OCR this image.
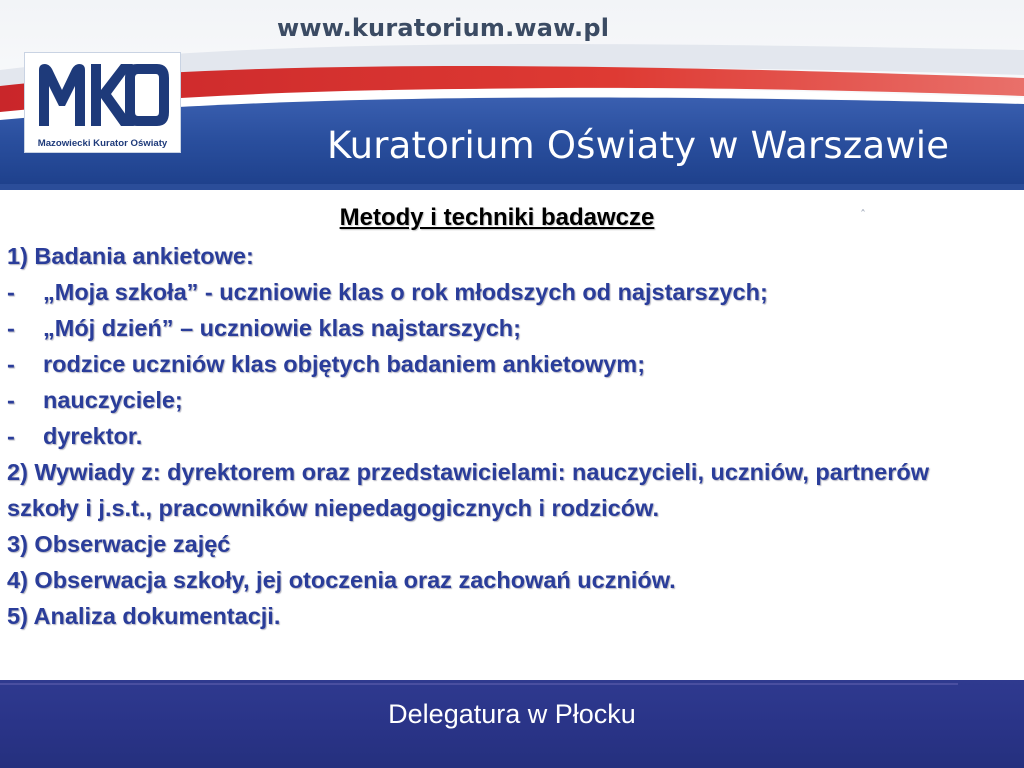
www.kuratorium.waw.pl
Kuratorium Oświaty w Warszawie
Mazowiecki Kurator Oświaty
ˆ
Metody i techniki badawcze
1) Badania ankietowe:
- „Moja szkoła” - uczniowie klas o rok młodszych od najstarszych;
- „Mój dzień” – uczniowie klas najstarszych;
- rodzice uczniów klas objętych badaniem ankietowym;
- nauczyciele;
- dyrektor.
2) Wywiady z: dyrektorem oraz przedstawicielami: nauczycieli, uczniów, partnerów szkoły i j.s.t., pracowników niepedagogicznych i rodziców.
3) Obserwacje zajęć
4) Obserwacja szkoły, jej otoczenia oraz zachowań uczniów.
5) Analiza dokumentacji.
Delegatura w Płocku
